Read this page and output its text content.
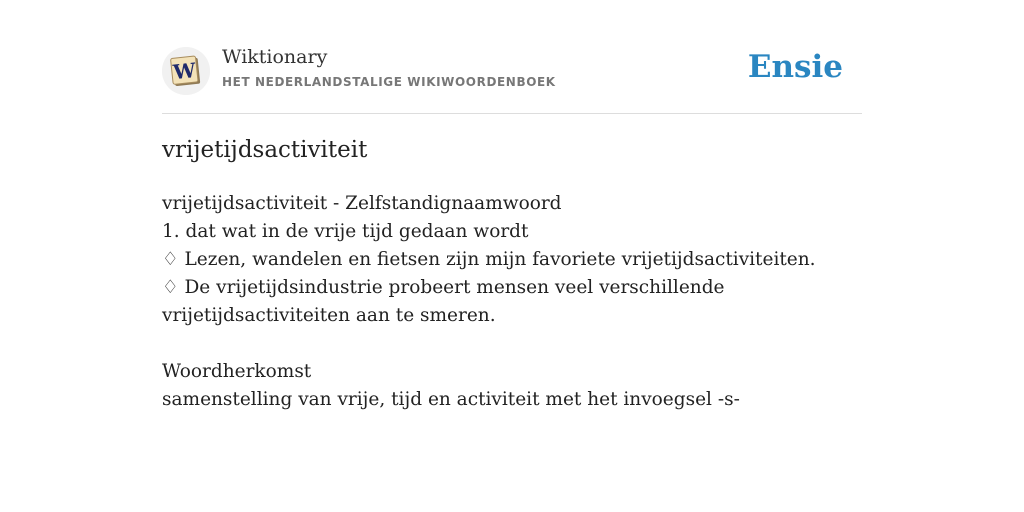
W
Wiktionary
HET NEDERLANDSTALIGE WIKIWOORDENBOEK	Ensie
vrijetijdsactiviteit
vrijetijdsactiviteit - Zelfstandignaamwoord
1. dat wat in de vrije tijd gedaan wordt
♢ Lezen, wandelen en fietsen zijn mijn favoriete vrijetijdsactiviteiten.
♢ De vrijetijdsindustrie probeert mensen veel verschillende vrijetijdsactiviteiten aan te smeren.
Woordherkomst
samenstelling van vrije, tijd en activiteit met het invoegsel -s-
